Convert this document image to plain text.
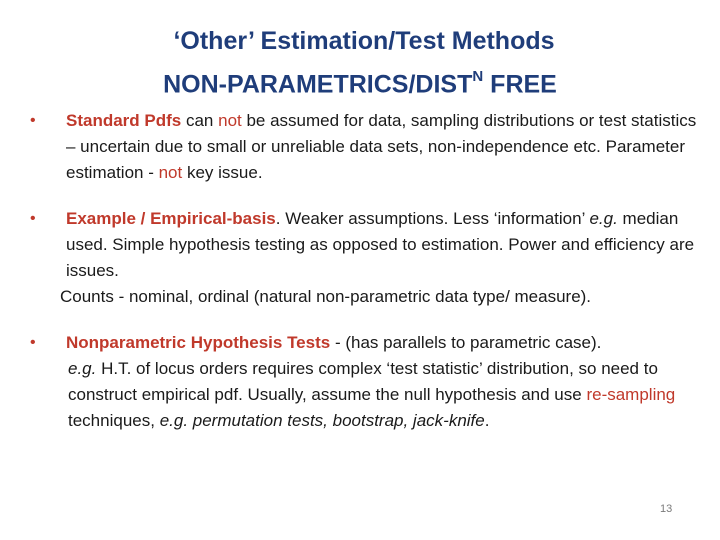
‘Other’ Estimation/Test Methods
NON-$PARAMETRICS/DIST^N$ FREE
• Standard Pdfs can not be assumed for data, sampling distributions or test statistics – uncertain due to small or unreliable data sets, non-independence etc. Parameter estimation - not key issue.
• Example / Empirical-basis. Weaker assumptions. Less ‘information’ e.g. median used. Simple hypothesis testing as opposed to estimation. Power and efficiency are issues.
Counts - nominal, ordinal (natural non-parametric data type/ measure).
• Nonparametric Hypothesis Tests - (has parallels to parametric case).
e.g. H.T. of locus orders requires complex ‘test statistic’ distribution, so need to construct empirical pdf. Usually, assume the null hypothesis and use re-sampling techniques, e.g. permutation tests, bootstrap, jack-knife.
13
